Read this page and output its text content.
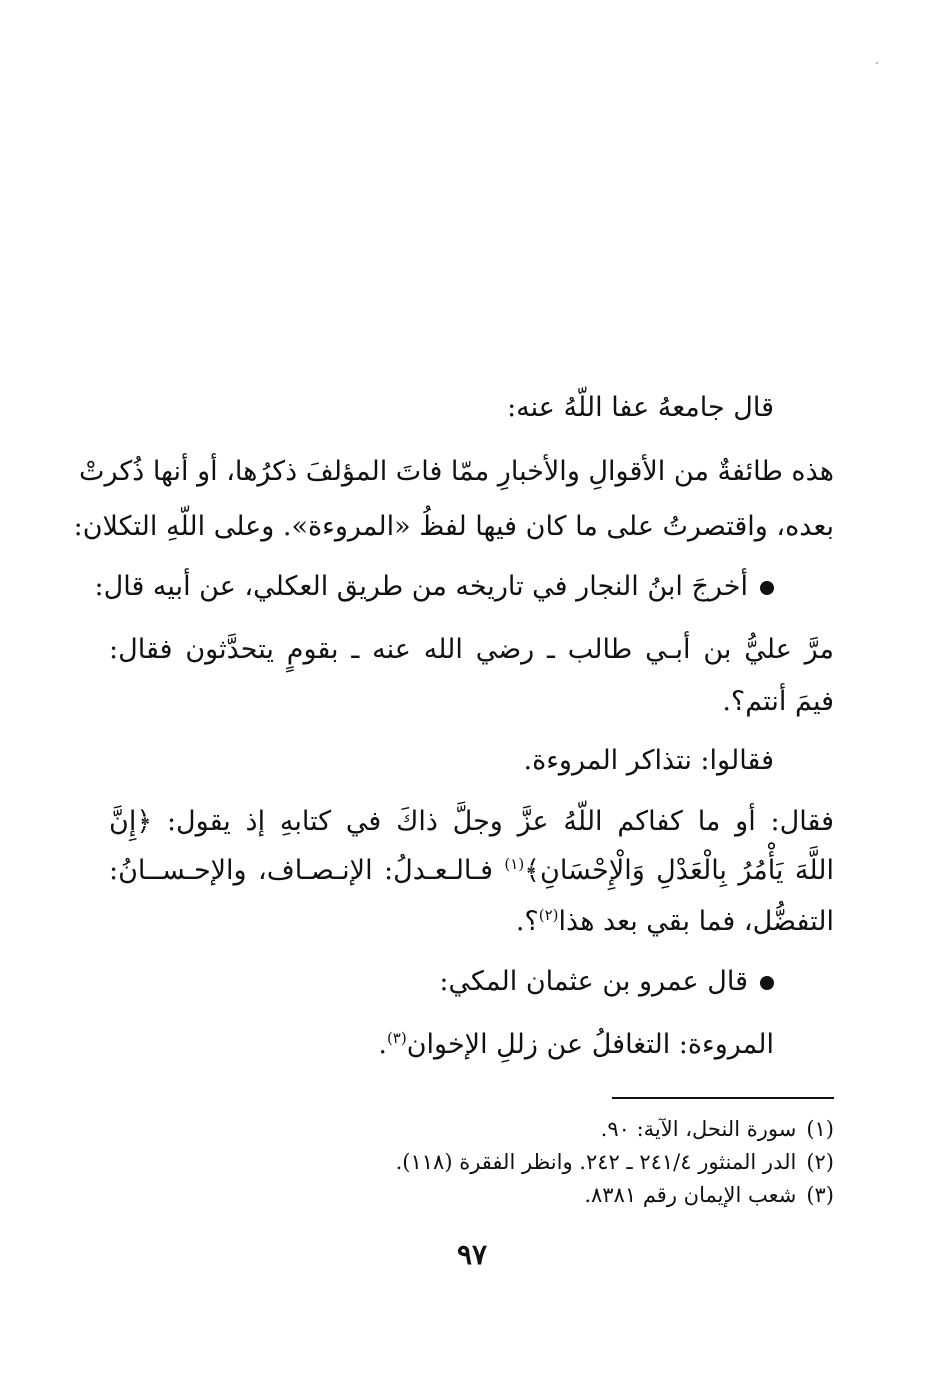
قال جامعهُ عفا اللّهُ عنه:
هذه طائفةٌ من الأقوالِ والأخبارِ ممّا فاتَ المؤلفَ ذكرُها، أو أنها ذُكرتْ
بعده، واقتصرتُ على ما كان فيها لفظُ «المروءة». وعلى اللّهِ التكلان:
أخرجَ ابنُ النجار في تاريخه من طريق العكلي، عن أبيه قال:
مرَّ عليُّ بن أبـي طالب ـ رضي الله عنه ـ بقومٍ يتحدَّثون فقال:
فيمَ أنتم؟.
فقالوا: نتذاكر المروءة.
فقال: أو ما كفاكم اللّهُ عزَّ وجلَّ ذاكَ في كتابهِ إذ يقول: ﴿إِنَّ
اللَّهَ يَأْمُرُ بِالْعَدْلِ وَالْإِحْسَانِ﴾$^{(١)}$ فـالـعـدلُ: الإنـصـاف، والإحـســانُ:
التفضُّل، فما بقي بعد هذا$^{(٢)}$؟.
قال عمرو بن عثمان المكي:
المروءة: التغافلُ عن زللِ الإخوان$^{(٣)}$.
(١)سورة النحل، الآية: ٩٠.
(٢)الدر المنثور ٢٤١/٤ ـ ٢٤٢. وانظر الفقرة (١١٨).
(٣)شعب الإيمان رقم ٨٣٨١.
٩٧
